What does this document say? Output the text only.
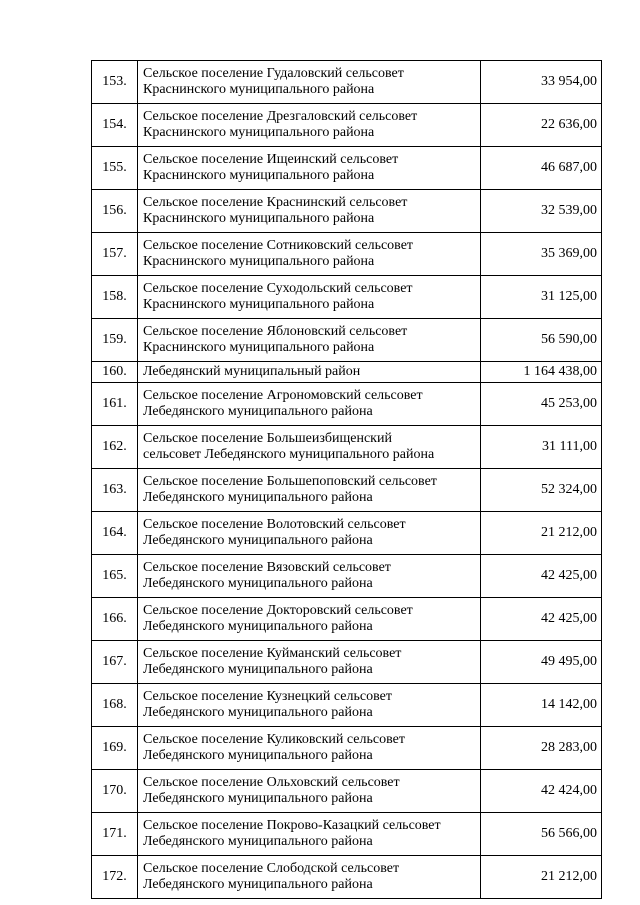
153.	Сельское поселение Гудаловский сельсовет
Краснинского муниципального района	33 954,00
154.	Сельское поселение Дрезгаловский сельсовет
Краснинского муниципального района	22 636,00
155.	Сельское поселение Ищеинский сельсовет
Краснинского муниципального района	46 687,00
156.	Сельское поселение Краснинский сельсовет
Краснинского муниципального района	32 539,00
157.	Сельское поселение Сотниковский сельсовет
Краснинского муниципального района	35 369,00
158.	Сельское поселение Суходольский сельсовет
Краснинского муниципального района	31 125,00
159.	Сельское поселение Яблоновский сельсовет
Краснинского муниципального района	56 590,00
160.	Лебедянский муниципальный район	1 164 438,00
161.	Сельское поселение Агрономовский сельсовет
Лебедянского муниципального района	45 253,00
162.	Сельское поселение Большеизбищенский
сельсовет Лебедянского муниципального района	31 111,00
163.	Сельское поселение Большепоповский сельсовет
Лебедянского муниципального района	52 324,00
164.	Сельское поселение Волотовский сельсовет
Лебедянского муниципального района	21 212,00
165.	Сельское поселение Вязовский сельсовет
Лебедянского муниципального района	42 425,00
166.	Сельское поселение Докторовский сельсовет
Лебедянского муниципального района	42 425,00
167.	Сельское поселение Куйманский сельсовет
Лебедянского муниципального района	49 495,00
168.	Сельское поселение Кузнецкий сельсовет
Лебедянского муниципального района	14 142,00
169.	Сельское поселение Куликовский сельсовет
Лебедянского муниципального района	28 283,00
170.	Сельское поселение Ольховский сельсовет
Лебедянского муниципального района	42 424,00
171.	Сельское поселение Покрово-Казацкий сельсовет
Лебедянского муниципального района	56 566,00
172.	Сельское поселение Слободской сельсовет
Лебедянского муниципального района	21 212,00
